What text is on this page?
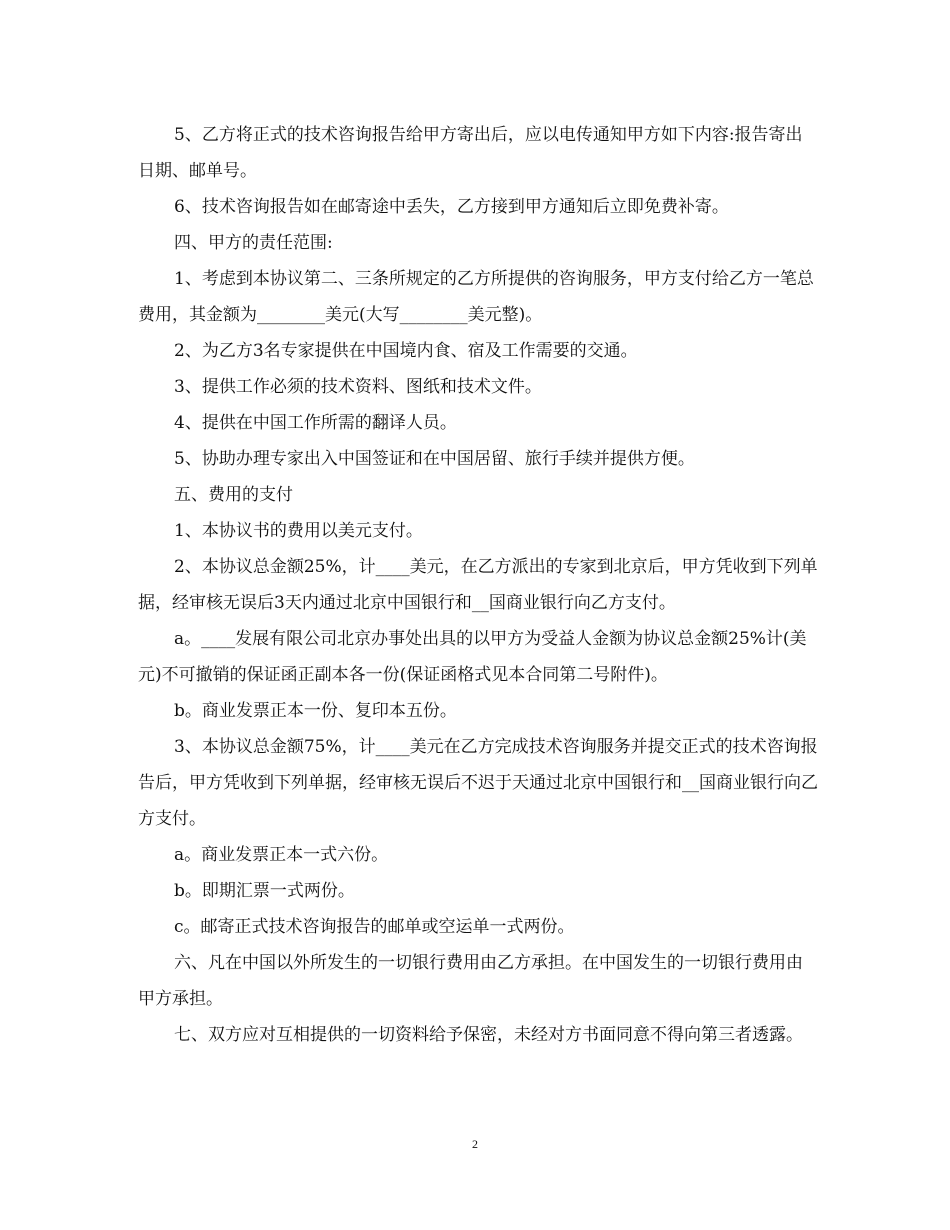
5、乙方将正式的技术咨询报告给甲方寄出后，应以电传通知甲方如下内容:报告寄出日期、邮单号。

6、技术咨询报告如在邮寄途中丢失，乙方接到甲方通知后立即免费补寄。

四、甲方的责任范围:

1、考虑到本协议第二、三条所规定的乙方所提供的咨询服务，甲方支付给乙方一笔总费用，其金额为________美元(大写________美元整)。

2、为乙方3名专家提供在中国境内食、宿及工作需要的交通。

3、提供工作必须的技术资料、图纸和技术文件。

4、提供在中国工作所需的翻译人员。

5、协助办理专家出入中国签证和在中国居留、旅行手续并提供方便。

五、费用的支付

1、本协议书的费用以美元支付。

2、本协议总金额25%，计____美元，在乙方派出的专家到北京后，甲方凭收到下列单据，经审核无误后3天内通过北京中国银行和__国商业银行向乙方支付。

a。____发展有限公司北京办事处出具的以甲方为受益人金额为协议总金额25%计(美元)不可撤销的保证函正副本各一份(保证函格式见本合同第二号附件)。

b。商业发票正本一份、复印本五份。

3、本协议总金额75%，计____美元在乙方完成技术咨询服务并提交正式的技术咨询报告后，甲方凭收到下列单据，经审核无误后不迟于天通过北京中国银行和__国商业银行向乙方支付。

a。商业发票正本一式六份。

b。即期汇票一式两份。

c。邮寄正式技术咨询报告的邮单或空运单一式两份。

六、凡在中国以外所发生的一切银行费用由乙方承担。在中国发生的一切银行费用由甲方承担。

七、双方应对互相提供的一切资料给予保密，未经对方书面同意不得向第三者透露。

2
